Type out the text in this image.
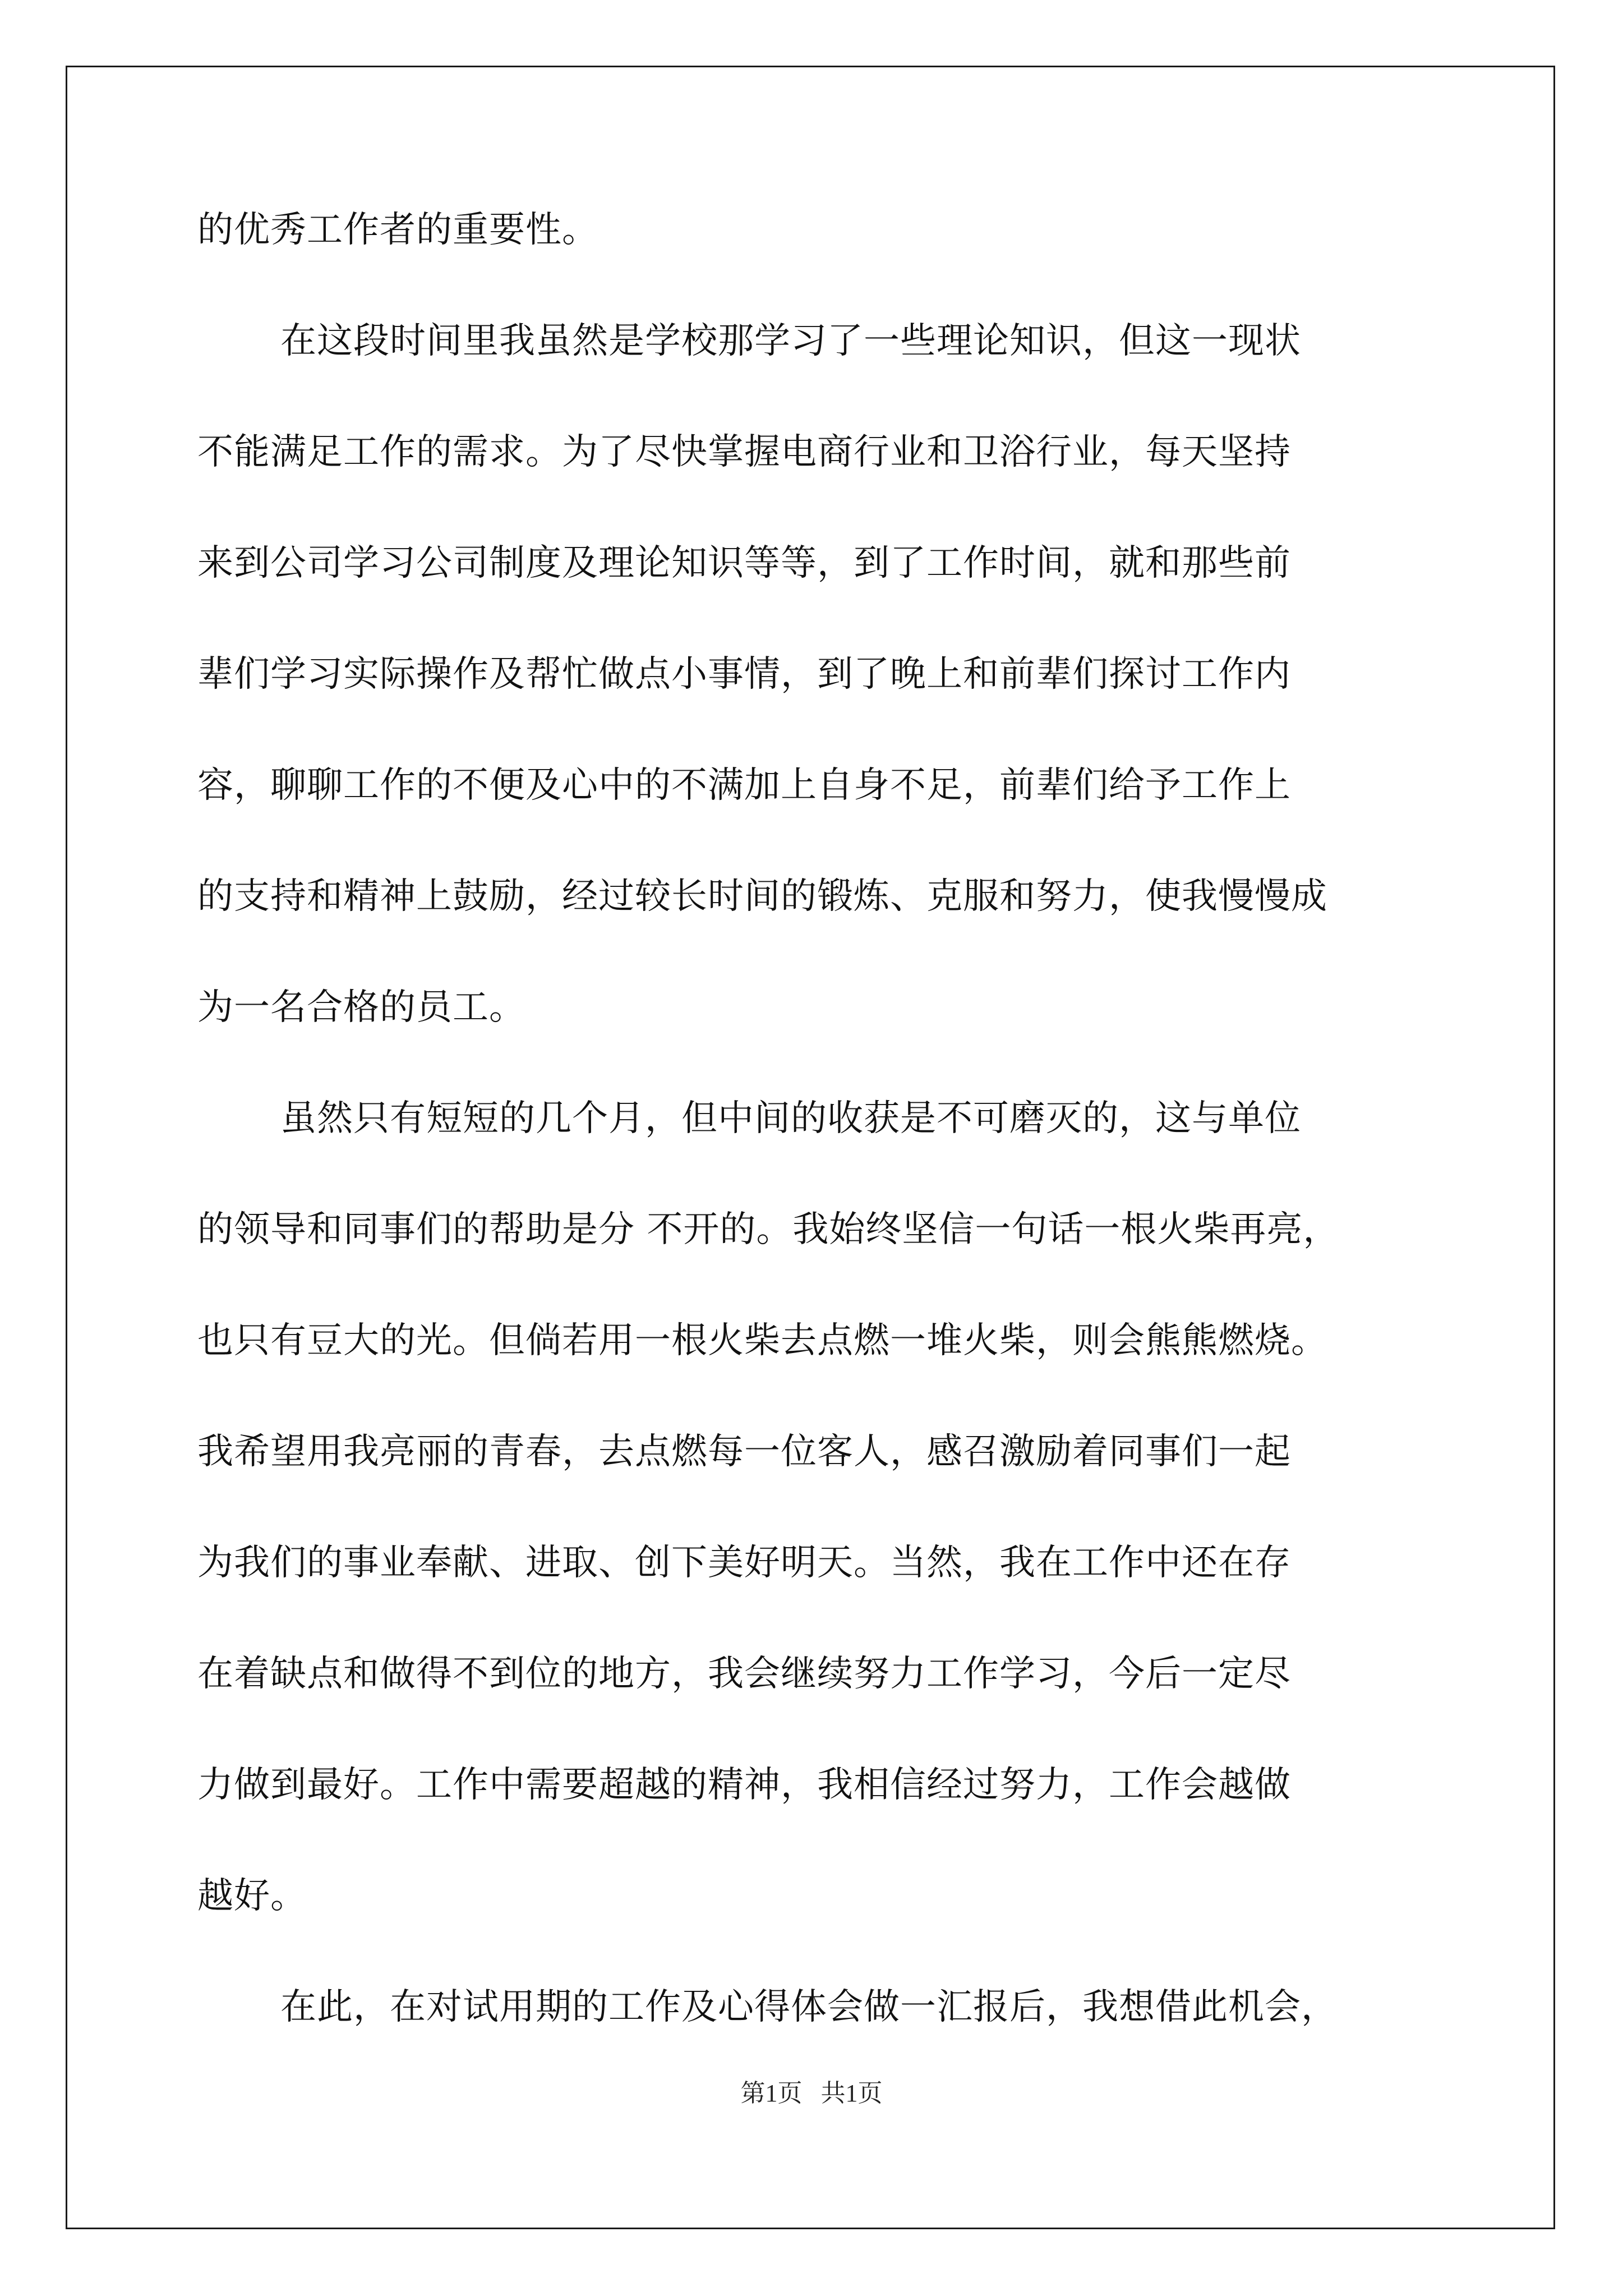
的优秀工作者的重要性。
在这段时间里我虽然是学校那学习了一些理论知识，但这一现状
不能满足工作的需求。为了尽快掌握电商行业和卫浴行业，每天坚持
来到公司学习公司制度及理论知识等等，到了工作时间，就和那些前
辈们学习实际操作及帮忙做点小事情，到了晚上和前辈们探讨工作内
容，聊聊工作的不便及心中的不满加上自身不足，前辈们给予工作上
的支持和精神上鼓励，经过较长时间的锻炼、克服和努力，使我慢慢成
为一名合格的员工。
虽然只有短短的几个月，但中间的收获是不可磨灭的，这与单位
的领导和同事们的帮助是分 不开的。我始终坚信一句话一根火柴再亮，
也只有豆大的光。但倘若用一根火柴去点燃一堆火柴，则会熊熊燃烧。
我希望用我亮丽的青春，去点燃每一位客人，感召激励着同事们一起
为我们的事业奉献、进取、创下美好明天。当然，我在工作中还在存
在着缺点和做得不到位的地方，我会继续努力工作学习，今后一定尽
力做到最好。工作中需要超越的精神，我相信经过努力，工作会越做
越好。
在此，在对试用期的工作及心得体会做一汇报后，我想借此机会，
第1页   共1页
